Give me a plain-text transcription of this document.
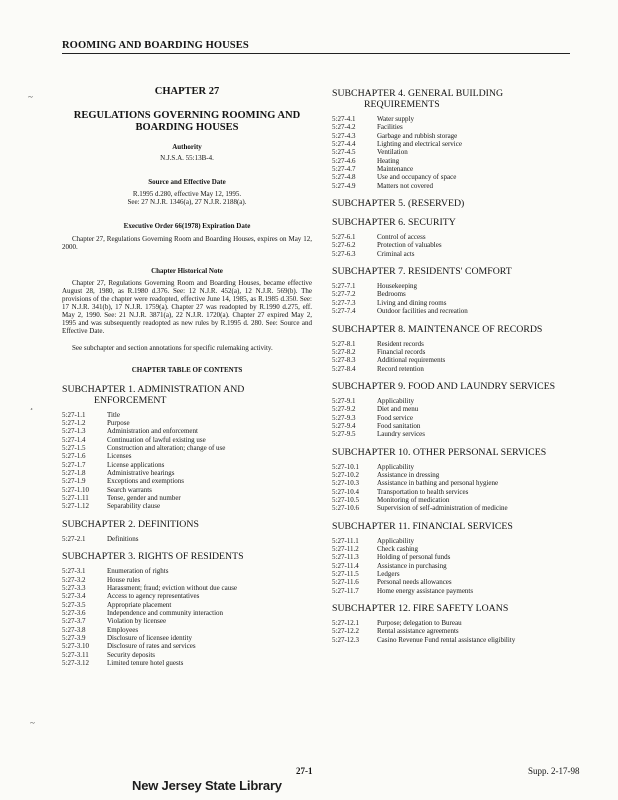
ROOMING AND BOARDING HOUSES
~
¸
~
CHAPTER 27
REGULATIONS GOVERNING ROOMING AND BOARDING HOUSES
Authority
N.J.S.A. 55:13B-4.
Source and Effective Date
R.1995 d.280, effective May 12, 1995.
See: 27 N.J.R. 1346(a), 27 N.J.R. 2188(a).
Executive Order 66(1978) Expiration Date
Chapter 27, Regulations Governing Room and Boarding Houses, expires on May 12, 2000.
Chapter Historical Note
Chapter 27, Regulations Governing Room and Boarding Houses, became effective August 28, 1980, as R.1980 d.376. See: 12 N.J.R. 452(a), 12 N.J.R. 569(b). The provisions of the chapter were readopted, effective June 14, 1985, as R.1985 d.350. See: 17 N.J.R. 341(b), 17 N.J.R. 1759(a). Chapter 27 was readopted by R.1990 d.275, eff. May 2, 1990. See: 21 N.J.R. 3871(a), 22 N.J.R. 1720(a). Chapter 27 expired May 2, 1995 and was subsequently readopted as new rules by R.1995 d. 280. See: Source and Effective Date.
See subchapter and section annotations for specific rulemaking activity.
CHAPTER TABLE OF CONTENTS
SUBCHAPTER 1. ADMINISTRATION AND
ENFORCEMENT
5:27-1.1	Title
5:27-1.2	Purpose
5:27-1.3	Administration and enforcement
5:27-1.4	Continuation of lawful existing use
5:27-1.5	Construction and alteration; change of use
5:27-1.6	Licenses
5:27-1.7	License applications
5:27-1.8	Administrative hearings
5:27-1.9	Exceptions and exemptions
5:27-1.10	Search warrants
5:27-1.11	Tense, gender and number
5:27-1.12	Separability clause
SUBCHAPTER 2. DEFINITIONS
5:27-2.1	Definitions
SUBCHAPTER 3. RIGHTS OF RESIDENTS
5:27-3.1	Enumeration of rights
5:27-3.2	House rules
5:27-3.3	Harassment; fraud; eviction without due cause
5:27-3.4	Access to agency representatives
5:27-3.5	Appropriate placement
5:27-3.6	Independence and community interaction
5:27-3.7	Violation by licensee
5:27-3.8	Employees
5:27-3.9	Disclosure of licensee identity
5:27-3.10	Disclosure of rates and services
5:27-3.11	Security deposits
5:27-3.12	Limited tenure hotel guests
SUBCHAPTER 4. GENERAL BUILDING
REQUIREMENTS
5:27-4.1	Water supply
5:27-4.2	Facilities
5:27-4.3	Garbage and rubbish storage
5:27-4.4	Lighting and electrical service
5:27-4.5	Ventilation
5:27-4.6	Heating
5:27-4.7	Maintenance
5:27-4.8	Use and occupancy of space
5:27-4.9	Matters not covered
SUBCHAPTER 5. (RESERVED)
SUBCHAPTER 6. SECURITY
5:27-6.1	Control of access
5:27-6.2	Protection of valuables
5:27-6.3	Criminal acts
SUBCHAPTER 7. RESIDENTS' COMFORT
5:27-7.1	Housekeeping
5:27-7.2	Bedrooms
5:27-7.3	Living and dining rooms
5:27-7.4	Outdoor facilities and recreation
SUBCHAPTER 8. MAINTENANCE OF RECORDS
5:27-8.1	Resident records
5:27-8.2	Financial records
5:27-8.3	Additional requirements
5:27-8.4	Record retention
SUBCHAPTER 9. FOOD AND LAUNDRY SERVICES
5:27-9.1	Applicability
5:27-9.2	Diet and menu
5:27-9.3	Food service
5:27-9.4	Food sanitation
5:27-9.5	Laundry services
SUBCHAPTER 10. OTHER PERSONAL SERVICES
5:27-10.1	Applicability
5:27-10.2	Assistance in dressing
5:27-10.3	Assistance in bathing and personal hygiene
5:27-10.4	Transportation to health services
5:27-10.5	Monitoring of medication
5:27-10.6	Supervision of self-administration of medicine
SUBCHAPTER 11. FINANCIAL SERVICES
5:27-11.1	Applicability
5:27-11.2	Check cashing
5:27-11.3	Holding of personal funds
5:27-11.4	Assistance in purchasing
5:27-11.5	Ledgers
5:27-11.6	Personal needs allowances
5:27-11.7	Home energy assistance payments
SUBCHAPTER 12. FIRE SAFETY LOANS
5:27-12.1	Purpose; delegation to Bureau
5:27-12.2	Rental assistance agreements
5:27-12.3	Casino Revenue Fund rental assistance eligibility
27-1	Supp. 2-17-98
New Jersey State Library
